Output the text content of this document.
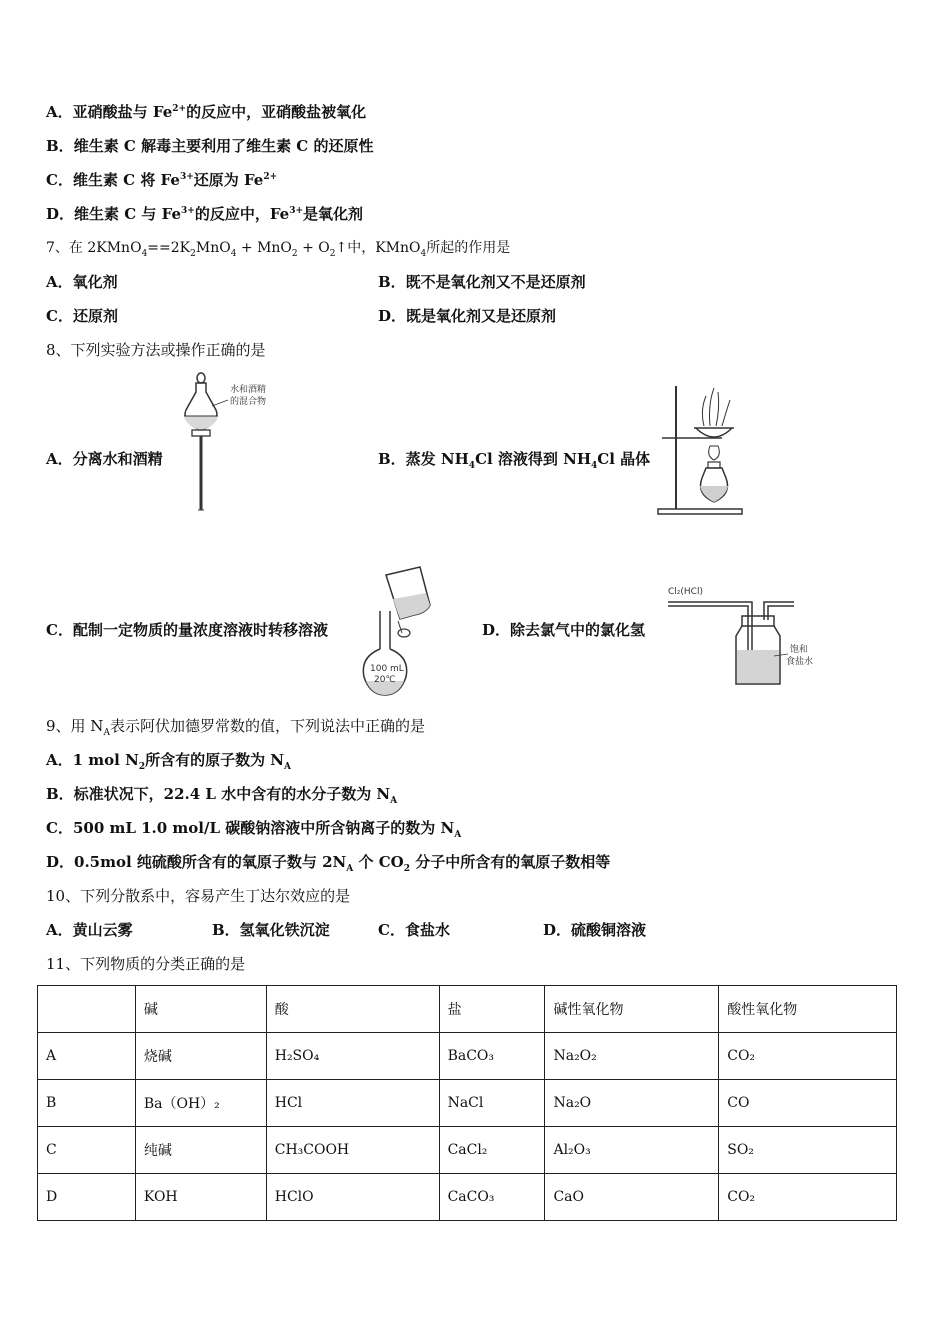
A．亚硝酸盐与 $Fe^{2+}$的反应中，亚硝酸盐被氧化
B．维生素 C 解毒主要利用了维生素 C 的还原性
C．维生素 C 将 $Fe^{3+}$还原为 $Fe^{2+}$
D．维生素 C 与 $Fe^{3+}$的反应中，$Fe^{3+}$是氧化剂
7、在 $2KMnO_4==2K_2MnO_4 + MnO_2$ + $O_2↑$中，KMnO$_4$所起的作用是
A．氧化剂	B．既不是氧化剂又不是还原剂
C．还原剂	D．既是氧化剂又是还原剂
8、下列实验方法或操作正确的是
A．分离水和酒精
水和酒精
的混合物
B．蒸发 $NH_4Cl$ 溶液得到 $NH_4Cl$ 晶体
C．配制一定物质的量浓度溶液时转移溶液
100 mL
20℃
D．除去氯气中的氯化氢
Cl₂(HCl)
饱和
食盐水
9、用 $N_A$表示阿伏加德罗常数的值，下列说法中正确的是
A．1 mol $N_2$所含有的原子数为 $N_A$
B．标准状况下，22.4 L 水中含有的水分子数为 $N_A$
C．500 mL 1.0 mol/L 碳酸钠溶液中所含钠离子的数为 $N_A$
D．0.5mol 纯硫酸所含有的氧原子数与 $2N_A$ 个 $CO_2$ 分子中所含有的氧原子数相等
10、下列分散系中，容易产生丁达尔效应的是
A．黄山云雾	B．氢氧化铁沉淀	C．食盐水	D．硫酸铜溶液
11、下列物质的分类正确的是
	碱	酸	盐	碱性氧化物	酸性氧化物
A	烧碱	H₂SO₄	BaCO₃	Na₂O₂	CO₂
B	Ba（OH）₂	HCl	NaCl	Na₂O	CO
C	纯碱	CH₃COOH	CaCl₂	Al₂O₃	SO₂
D	KOH	HClO	CaCO₃	CaO	CO₂
